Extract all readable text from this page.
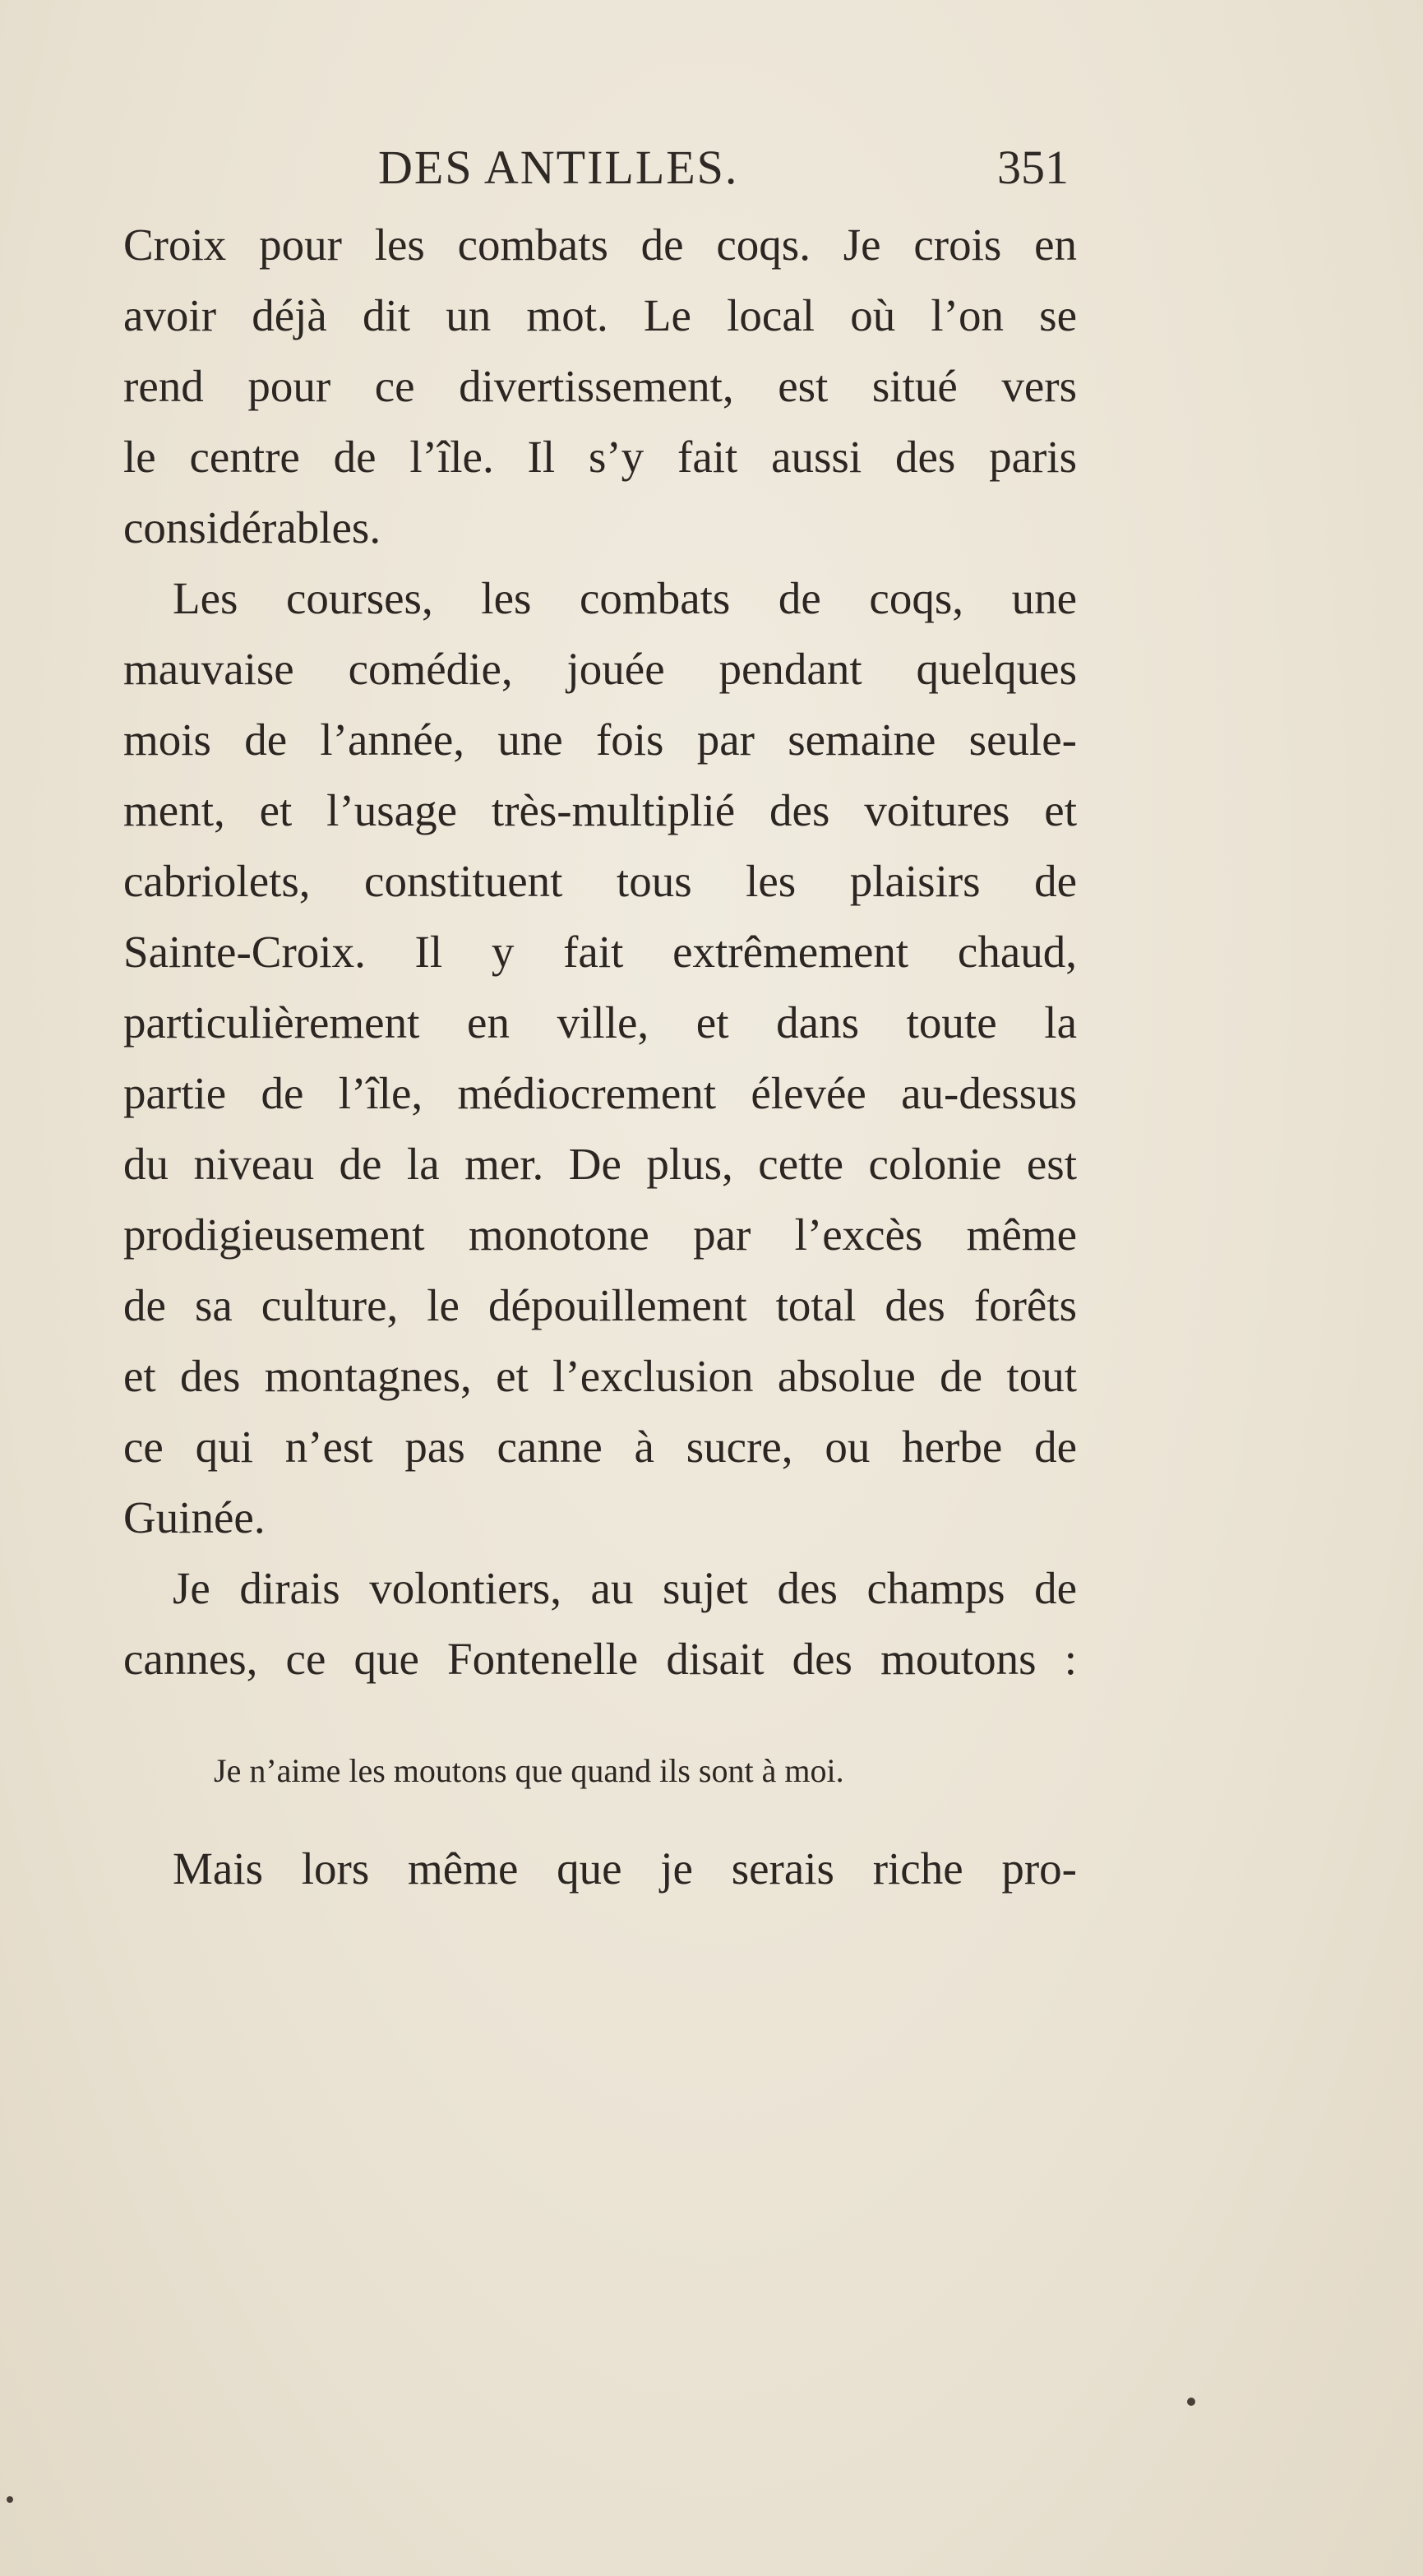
DES ANTILLES.	351
Croix pour les combats de coqs. Je crois en
avoir déjà dit un mot. Le local où l’on se
rend pour ce divertissement, est situé vers
le centre de l’île. Il s’y fait aussi des paris
considérables.
Les courses, les combats de coqs, une
mauvaise comédie, jouée pendant quelques
mois de l’année, une fois par semaine seule-
ment, et l’usage très-multiplié des voitures et
cabriolets, constituent tous les plaisirs de
Sainte-Croix. Il y fait extrêmement chaud,
particulièrement en ville, et dans toute la
partie de l’île, médiocrement élevée au-dessus
du niveau de la mer. De plus, cette colonie est
prodigieusement monotone par l’excès même
de sa culture, le dépouillement total des forêts
et des montagnes, et l’exclusion absolue de tout
ce qui n’est pas canne à sucre, ou herbe de
Guinée.
Je dirais volontiers, au sujet des champs de
cannes, ce que Fontenelle disait des moutons :
Je n’aime les moutons que quand ils sont à moi.
Mais lors même que je serais riche pro-
